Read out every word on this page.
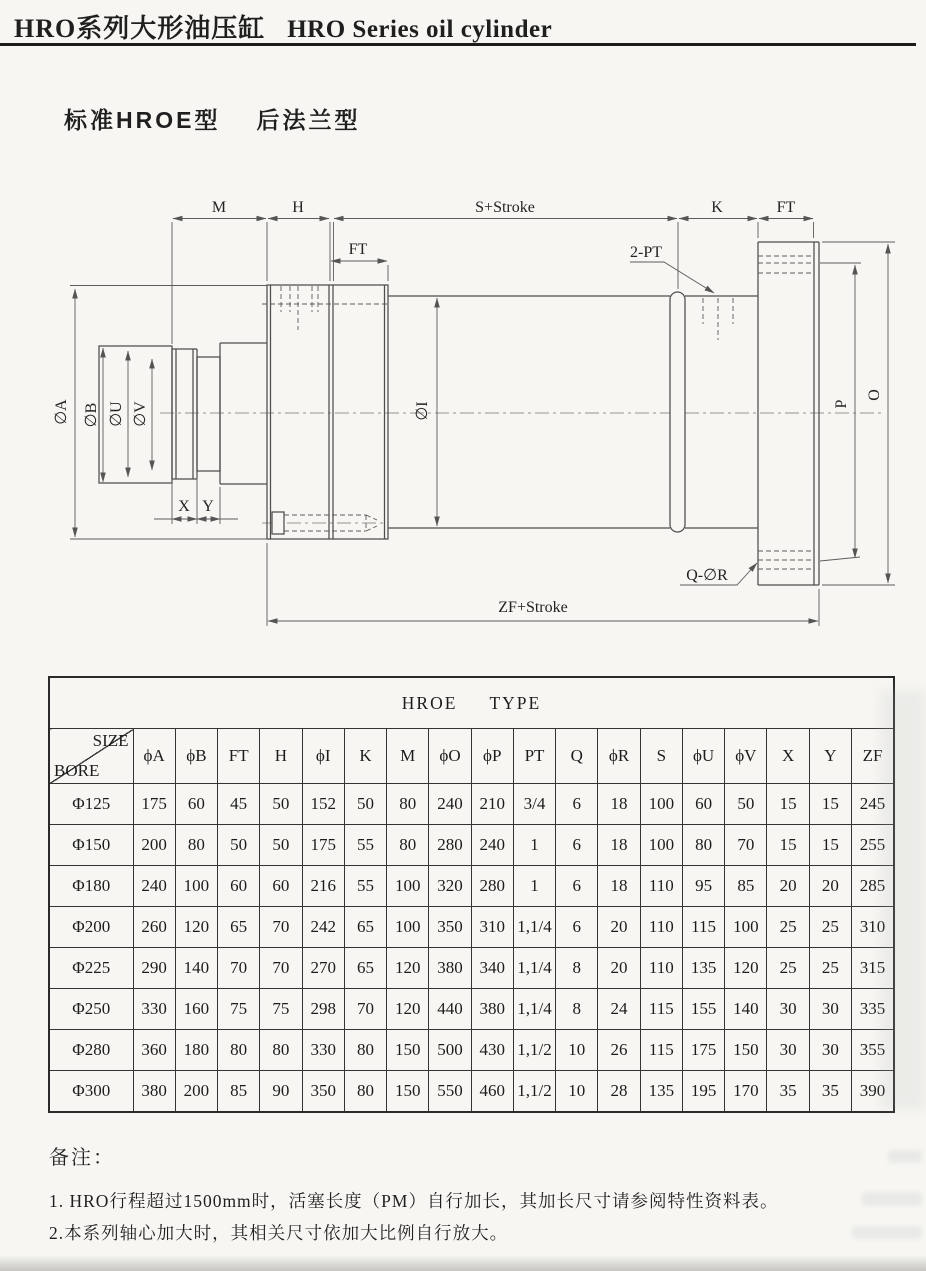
HRO系列大形油压缸 HRO Series oil cylinder
标准HROE型 后法兰型
M	H	S+Stroke	K	FT
FT	2-PT
∅A ∅B ∅U ∅V	∅I	P
O
X Y
ZF+Stroke
Q-∅R
HROE TYPE																		

SIZE
BORE	ϕA	ϕB	FT	H	ϕI	K	M	ϕO	ϕP	PT	Q	ϕR	S	ϕU	ϕV	X	Y	ZF
Φ125	175	60	45	50	152	50	80	240	210	3/4	6	18	100	60	50	15	15	245
Φ150	200	80	50	50	175	55	80	280	240	1	6	18	100	80	70	15	15	255
Φ180	240	100	60	60	216	55	100	320	280	1	6	18	110	95	85	20	20	285
Φ200	260	120	65	70	242	65	100	350	310	1,1/4	6	20	110	115	100	25	25	310
Φ225	290	140	70	70	270	65	120	380	340	1,1/4	8	20	110	135	120	25	25	315
Φ250	330	160	75	75	298	70	120	440	380	1,1/4	8	24	115	155	140	30	30	335
Φ280	360	180	80	80	330	80	150	500	430	1,1/2	10	26	115	175	150	30	30	355
Φ300	380	200	85	90	350	80	150	550	460	1,1/2	10	28	135	195	170	35	35	390
备注：
1. HRO行程超过1500mm时，活塞长度（PM）自行加长，其加长尺寸请参阅特性资料表。
2.本系列轴心加大时，其相关尺寸依加大比例自行放大。
